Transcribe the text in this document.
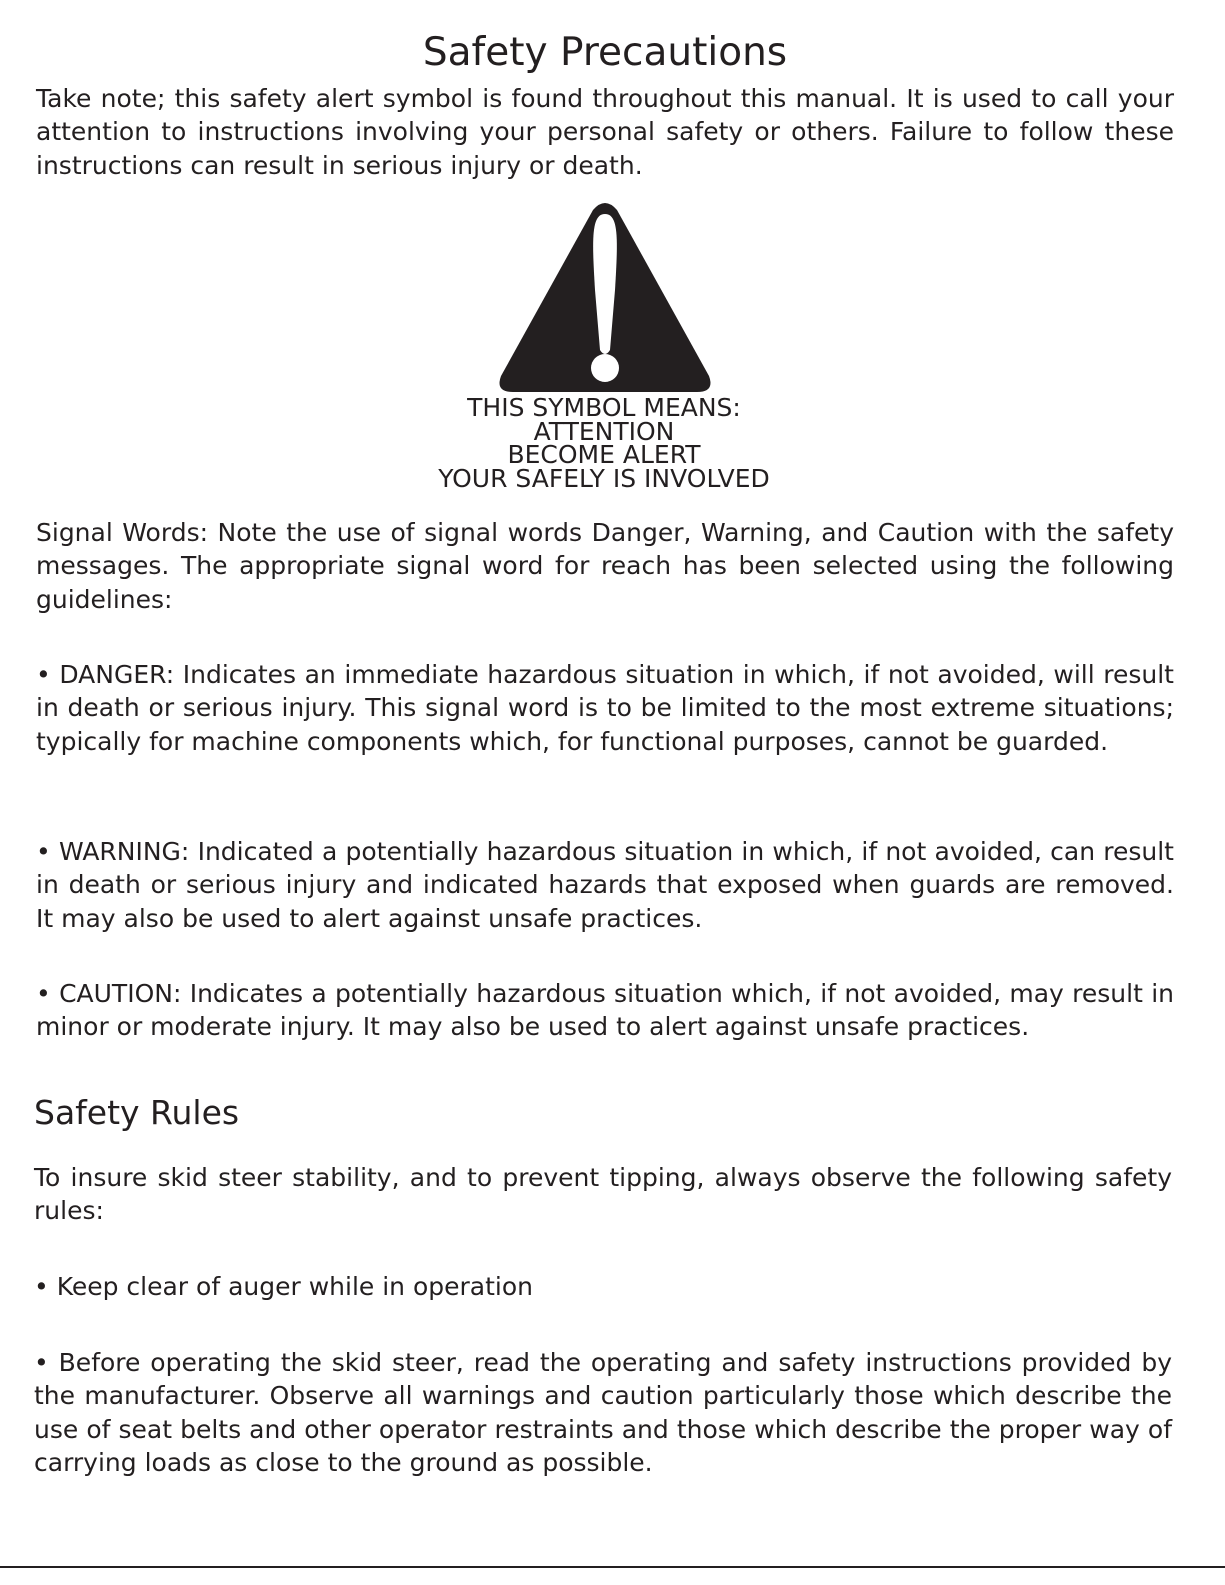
Safety Precautions

Take note; this safety alert symbol is found throughout this manual. It is used to call your attention to instructions involving your personal safety or others. Failure to follow these instructions can result in serious injury or death.

THIS SYMBOL MEANS:
ATTENTION
BECOME ALERT
YOUR SAFELY IS INVOLVED

Signal Words: Note the use of signal words Danger, Warning, and Caution with the safety messages. The appropriate signal word for reach has been selected using the following guidelines:

• DANGER: Indicates an immediate hazardous situation in which, if not avoided, will result in death or serious injury. This signal word is to be limited to the most extreme situations; typically for machine components which, for functional purposes, cannot be guarded.

• WARNING: Indicated a potentially hazardous situation in which, if not avoided, can result in death or serious injury and indicated hazards that exposed when guards are removed. It may also be used to alert against unsafe practices.

• CAUTION: Indicates a potentially hazardous situation which, if not avoided, may result in minor or moderate injury. It may also be used to alert against unsafe practices.

Safety Rules

To insure skid steer stability, and to prevent tipping, always observe the following safety rules:

• Keep clear of auger while in operation

• Before operating the skid steer, read the operating and safety instructions provided by the manufacturer. Observe all warnings and caution particularly those which describe the use of seat belts and other operator restraints and those which describe the proper way of carrying loads as close to the ground as possible.
